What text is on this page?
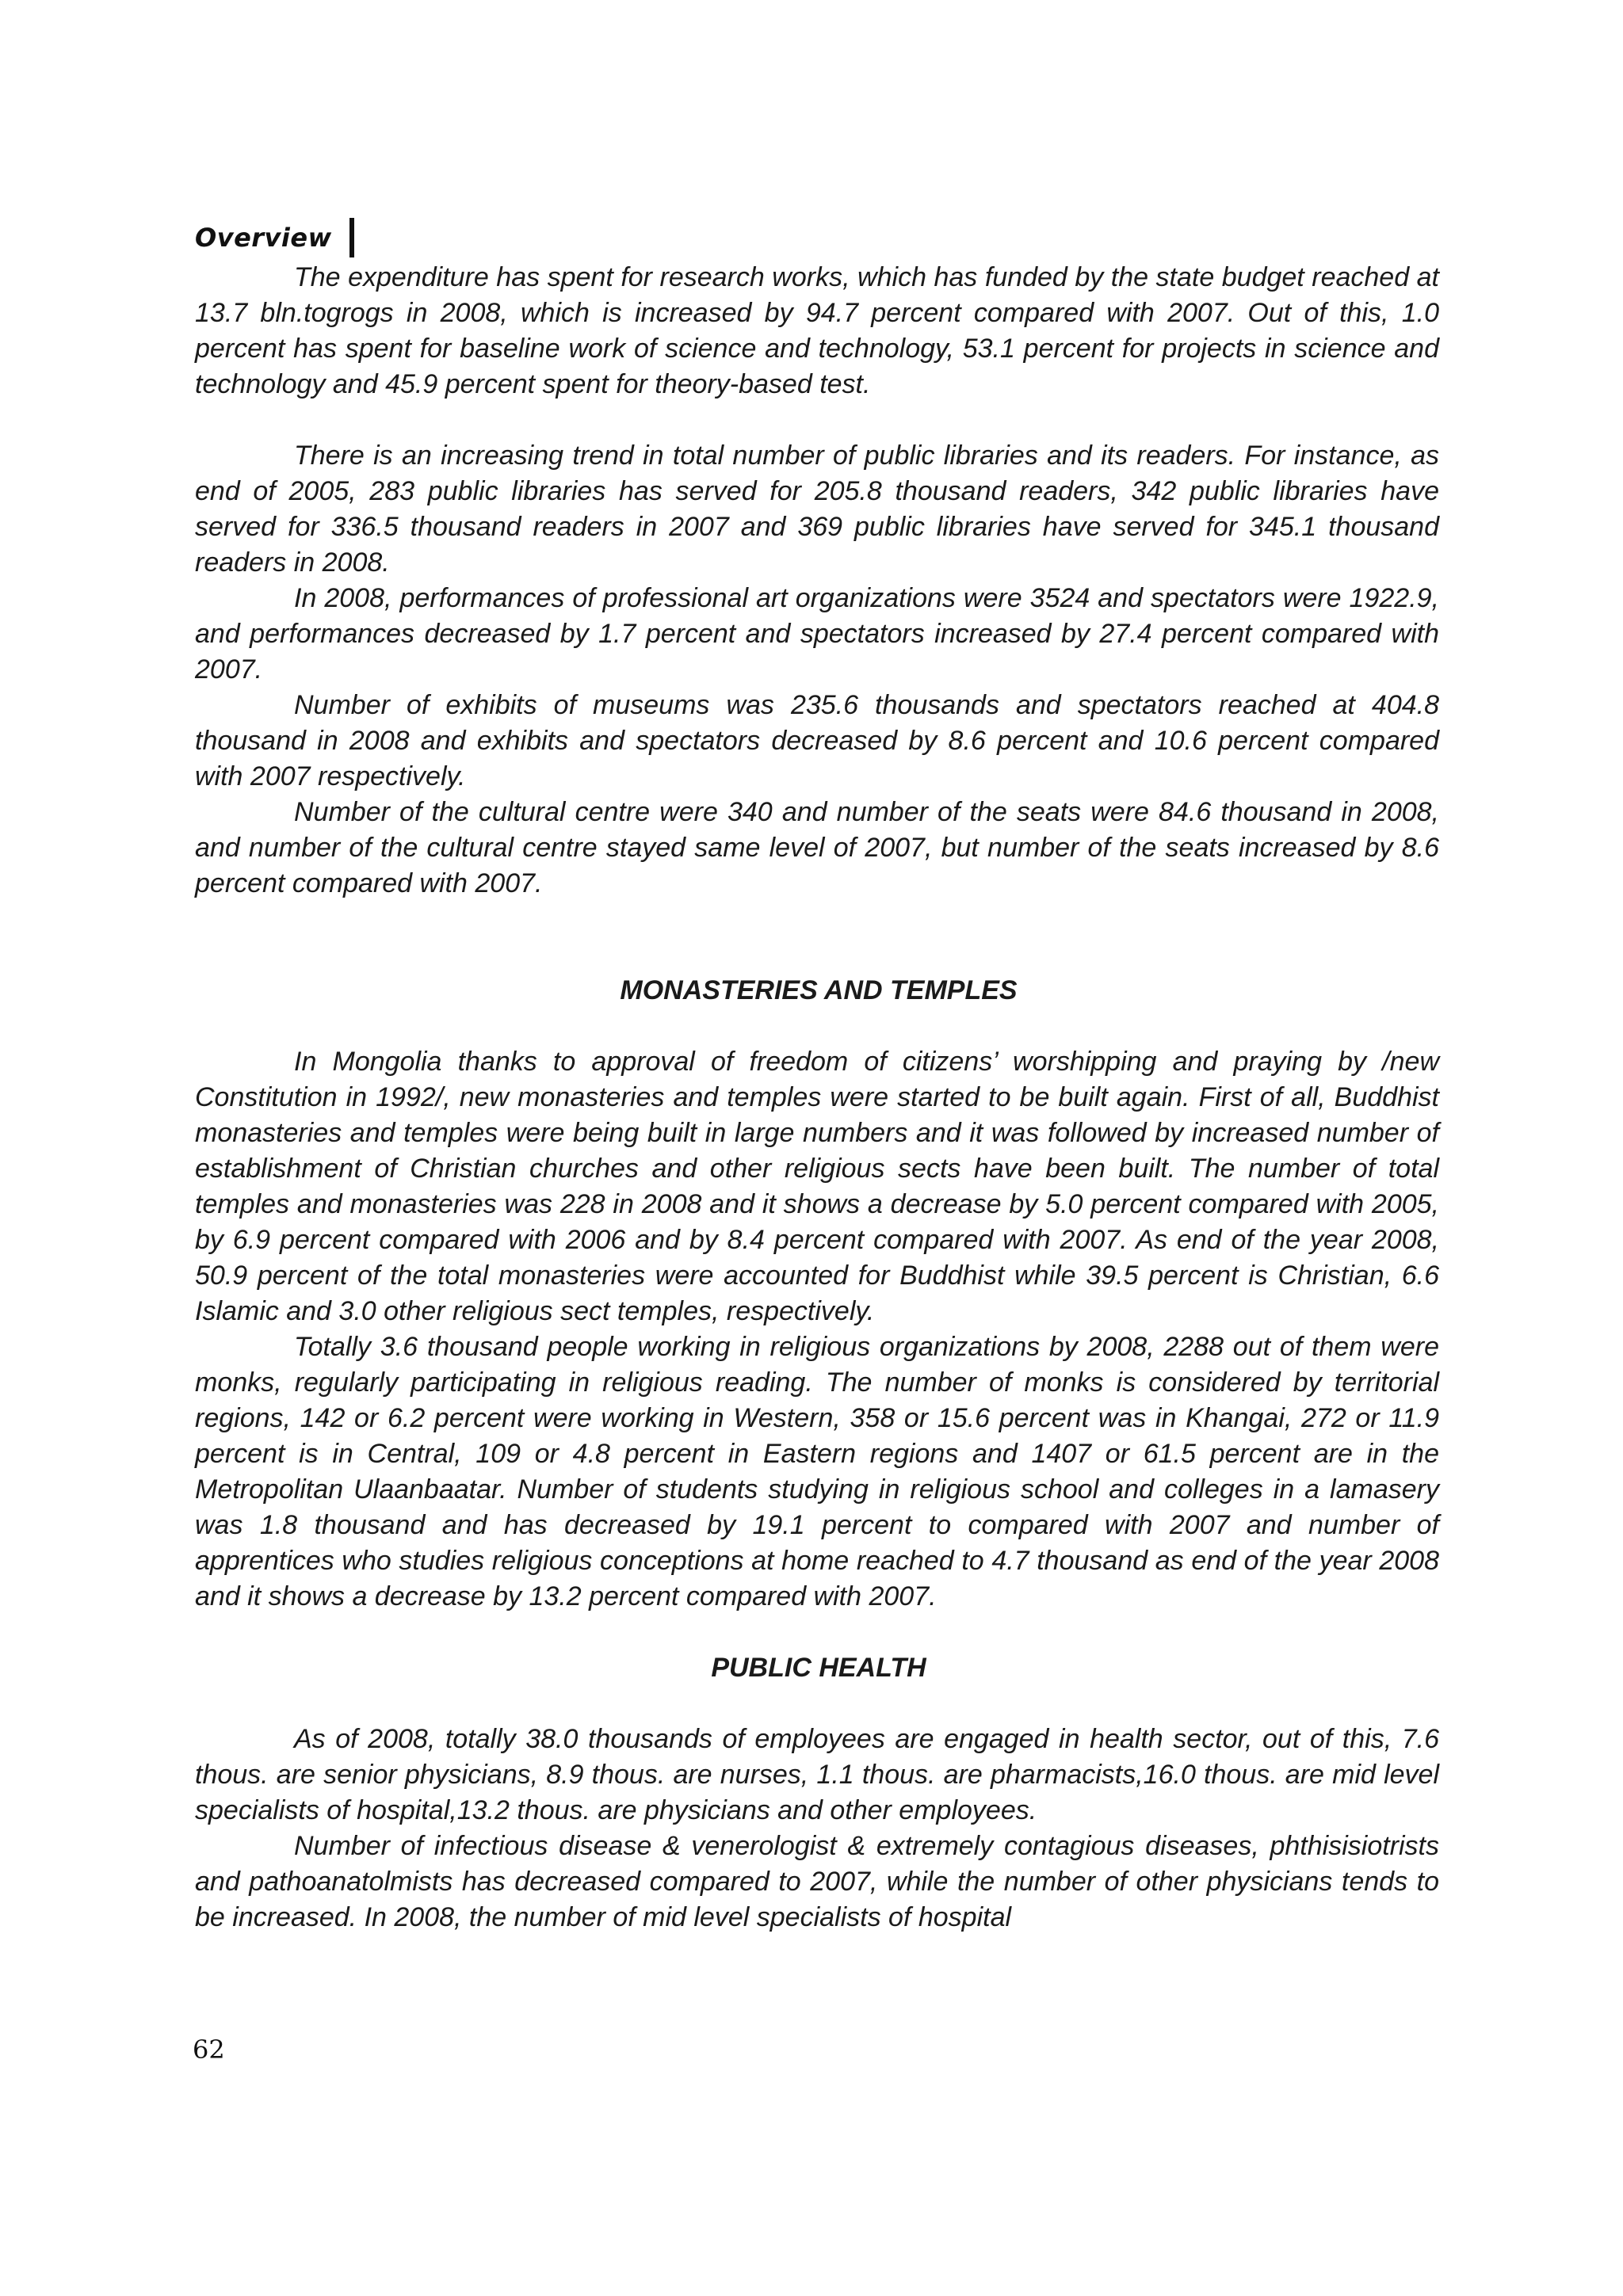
Overview

The expenditure has spent for research works, which has funded by the state budget reached at 13.7 bln.togrogs in 2008, which is increased by 94.7 percent compared with 2007. Out of this, 1.0 percent has spent for baseline work of science and technology, 53.1 percent for projects in science and technology and 45.9 percent spent for theory-based test.

There is an increasing trend in total number of public libraries and its readers. For instance, as end of 2005, 283 public libraries has served for 205.8 thousand readers, 342 public libraries have served for 336.5 thousand readers in 2007 and 369 public libraries have served for 345.1 thousand readers in 2008.

In 2008, performances of professional art organizations were 3524 and spectators were 1922.9, and performances decreased by 1.7 percent and spectators increased by 27.4 percent compared with 2007.

Number of exhibits of museums was 235.6 thousands and spectators reached at 404.8 thousand in 2008 and exhibits and spectators decreased by 8.6 percent and 10.6 percent compared with 2007 respectively.

Number of the cultural centre were 340 and number of the seats were 84.6 thousand in 2008, and number of the cultural centre stayed same level of 2007, but number of the seats increased by 8.6 percent compared with 2007.

MONASTERIES AND TEMPLES

In Mongolia thanks to approval of freedom of citizens’ worshipping and praying by /new Constitution in 1992/, new monasteries and temples were started to be built again. First of all, Buddhist monasteries and temples were being built in large numbers and it was followed by increased number of establishment of Christian churches and other religious sects have been built. The number of total temples and monasteries was 228 in 2008 and it shows a decrease by 5.0 percent compared with 2005, by 6.9 percent compared with 2006 and by 8.4 percent compared with 2007. As end of the year 2008, 50.9 percent of the total monasteries were accounted for Buddhist while 39.5 percent is Christian, 6.6 Islamic and 3.0 other religious sect temples, respectively.

Totally 3.6 thousand people working in religious organizations by 2008, 2288 out of them were monks, regularly participating in religious reading. The number of monks is considered by territorial regions, 142 or 6.2 percent were working in Western, 358 or 15.6 percent was in Khangai, 272 or 11.9 percent is in Central, 109 or 4.8 percent in Eastern regions and 1407 or 61.5 percent are in the Metropolitan Ulaanbaatar. Number of students studying in religious school and colleges in a lamasery was 1.8 thousand and has decreased by 19.1 percent to compared with 2007 and number of apprentices who studies religious conceptions at home reached to 4.7 thousand as end of the year 2008 and it shows a decrease by 13.2 percent compared with 2007.

PUBLIC HEALTH

As of 2008, totally 38.0 thousands of employees are engaged in health sector, out of this, 7.6 thous. are senior physicians, 8.9 thous. are nurses, 1.1 thous. are pharmacists,16.0 thous. are mid level specialists of hospital,13.2 thous. are physicians and other employees.

Number of infectious disease & venerologist & extremely contagious diseases, phthisisiotrists and pathoanatolmists has decreased compared to 2007, while the number of other physicians tends to be increased. In 2008, the number of mid level specialists of hospital

62
